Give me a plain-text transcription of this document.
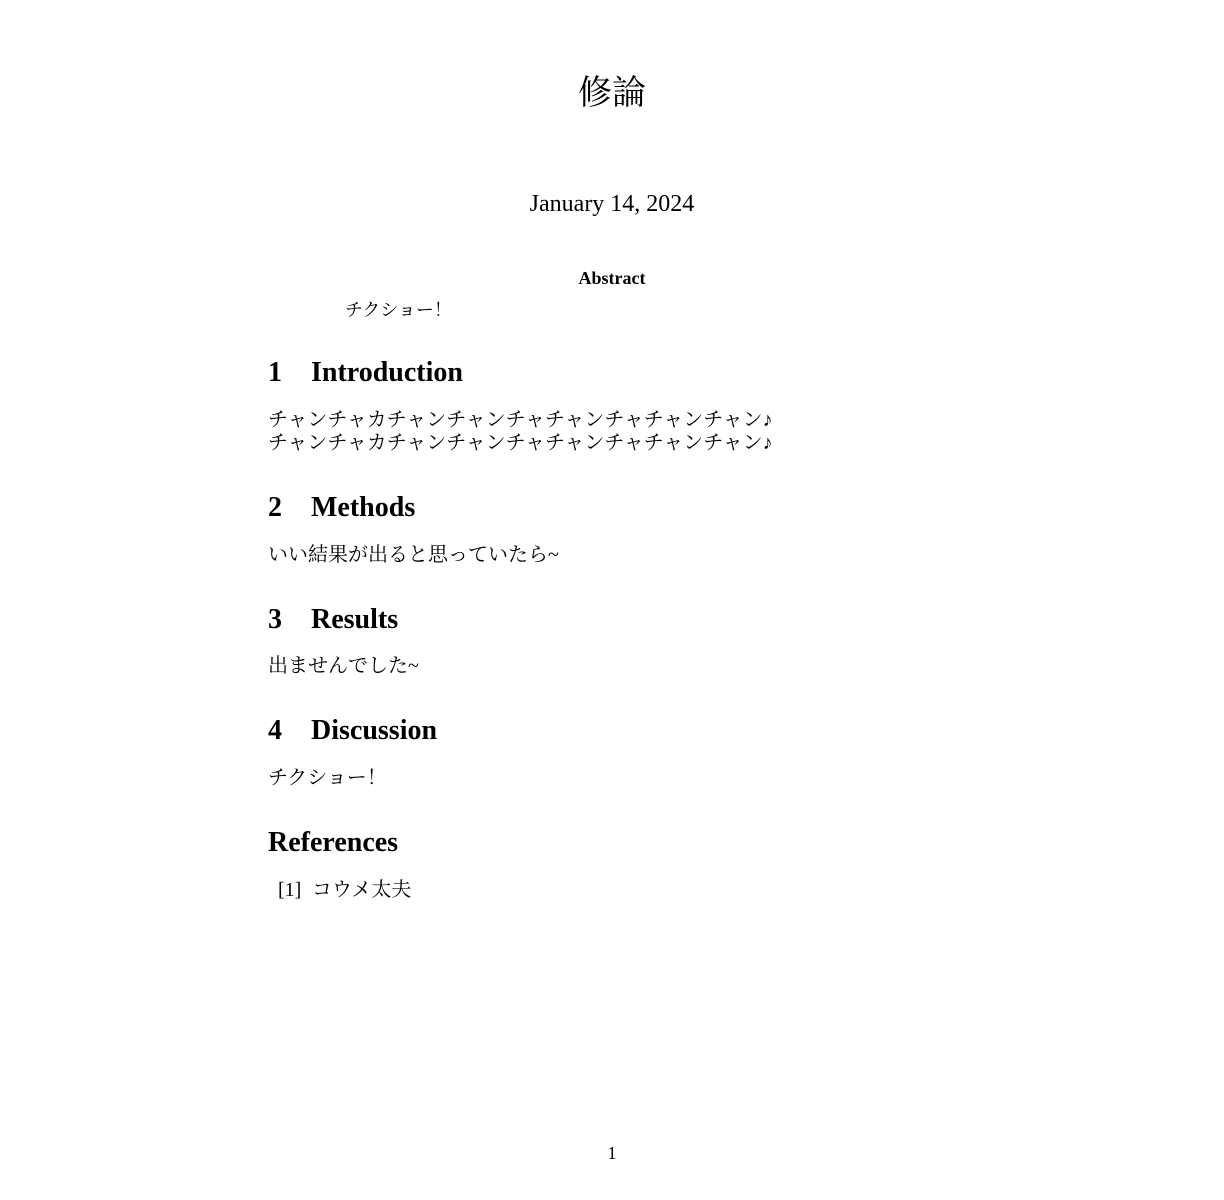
修論
January 14, 2024
Abstract
チクショー！
1 Introduction
チャンチャカチャンチャンチャチャンチャチャンチャン♪
チャンチャカチャンチャンチャチャンチャチャンチャン♪
2 Methods
いい結果が出ると思っていたら~
3 Results
出ませんでした~
4 Discussion
チクショー！
References
[1] コウメ太夫
1
